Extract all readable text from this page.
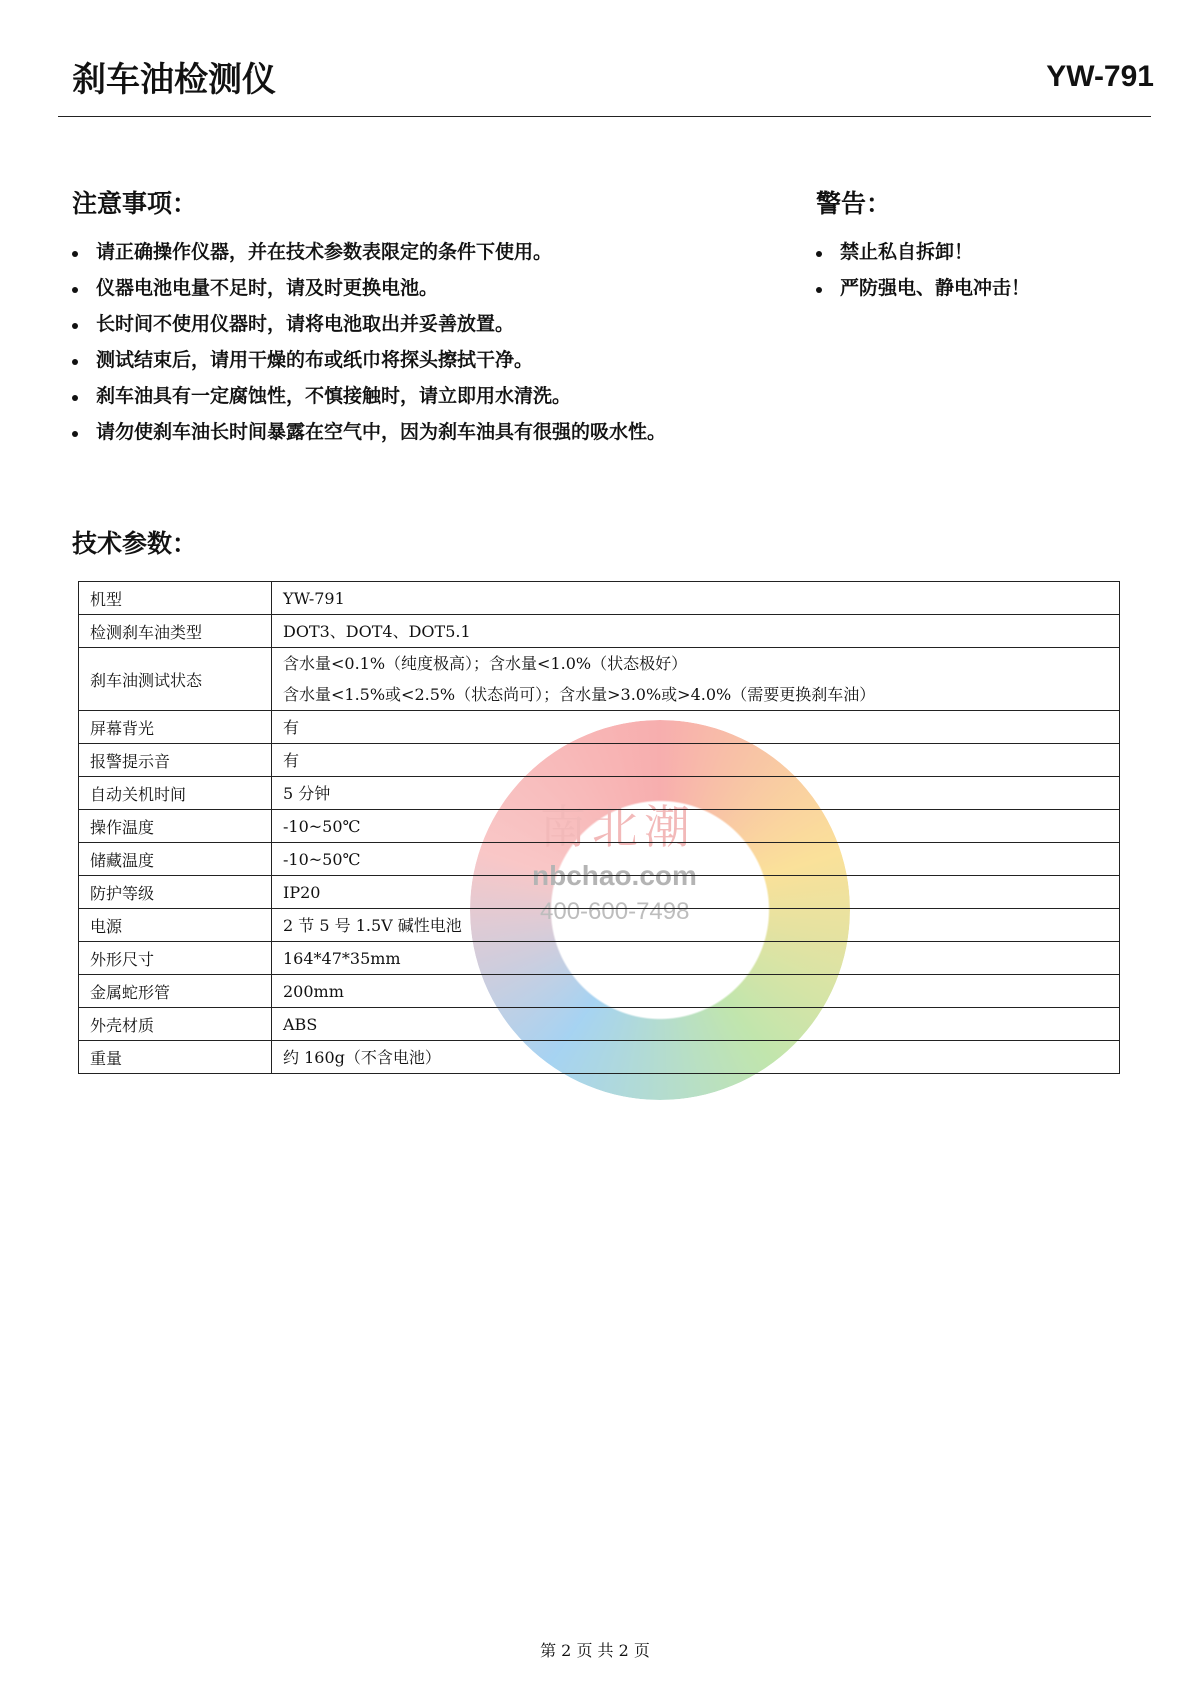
刹车油检测仪	YW-791
注意事项：
请正确操作仪器，并在技术参数表限定的条件下使用。
仪器电池电量不足时，请及时更换电池。
长时间不使用仪器时，请将电池取出并妥善放置。
测试结束后，请用干燥的布或纸巾将探头擦拭干净。
刹车油具有一定腐蚀性，不慎接触时，请立即用水清洗。
请勿使刹车油长时间暴露在空气中，因为刹车油具有很强的吸水性。
警告：
禁止私自拆卸！
严防强电、静电冲击！
技术参数：
南北潮
nbchao.com
400-600-7498
机型	YW-791

检测刹车油类型	DOT3、DOT4、DOT5.1

刹车油测试状态	含水量<0.1%（纯度极高）；含水量<1.0%（状态极好）
含水量<1.5%或<2.5%（状态尚可）；含水量>3.0%或>4.0%（需要更换刹车油）

屏幕背光	有

报警提示音	有

自动关机时间	5 分钟

操作温度	-10~50℃

储藏温度	-10~50℃

防护等级	IP20

电源	2 节 5 号 1.5V 碱性电池

外形尺寸	164*47*35mm

金属蛇形管	200mm

外壳材质	ABS

重量	约 160g（不含电池）
第 2 页 共 2 页
